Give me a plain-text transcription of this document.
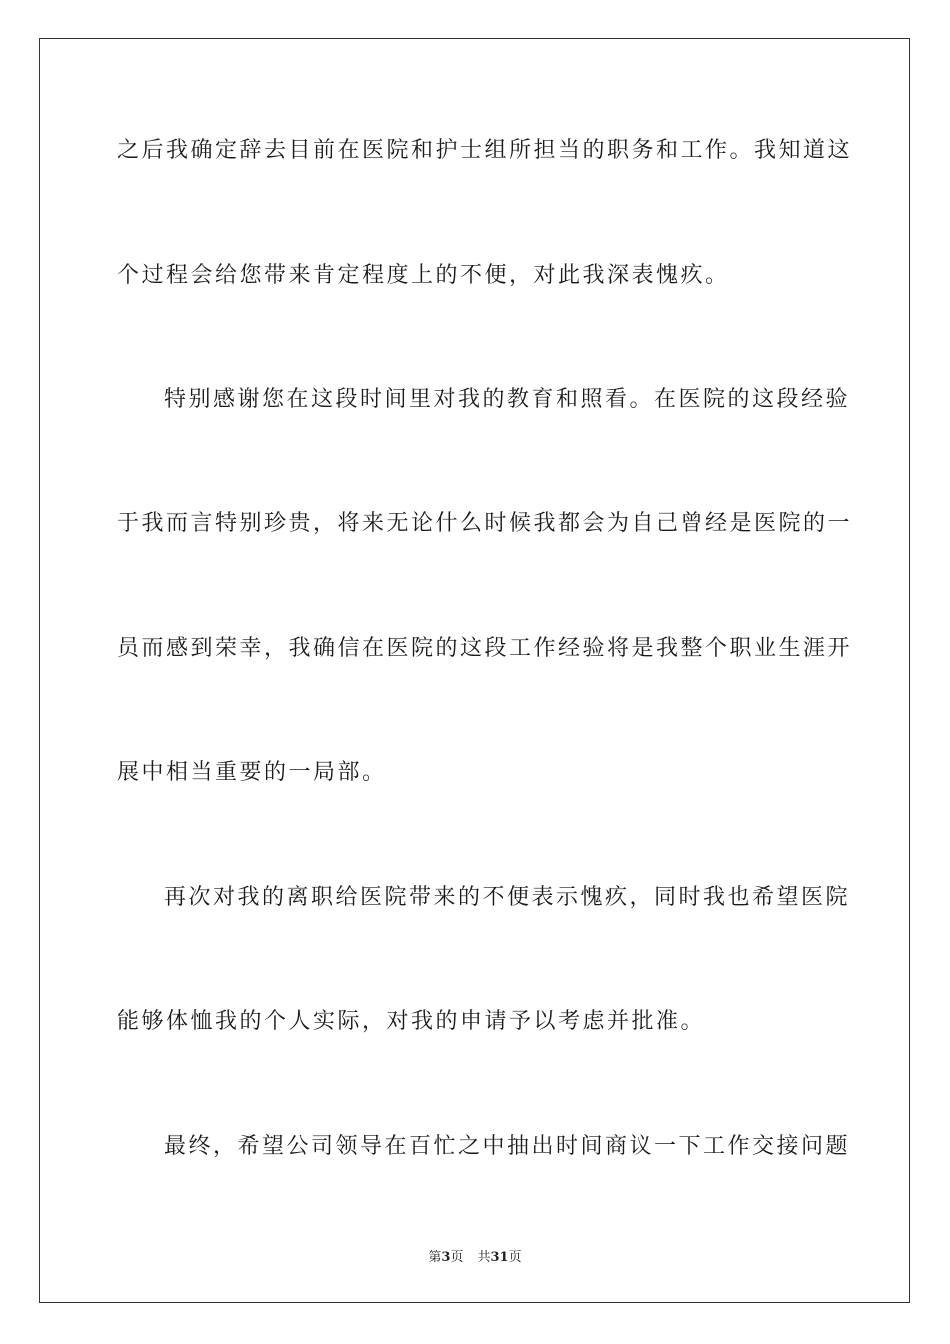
之后我确定辞去目前在医院和护士组所担当的职务和工作。我知道这
个过程会给您带来肯定程度上的不便，对此我深表愧疚。
特别感谢您在这段时间里对我的教育和照看。在医院的这段经验
于我而言特别珍贵，将来无论什么时候我都会为自己曾经是医院的一
员而感到荣幸，我确信在医院的这段工作经验将是我整个职业生涯开
展中相当重要的一局部。
再次对我的离职给医院带来的不便表示愧疚，同时我也希望医院
能够体恤我的个人实际，对我的申请予以考虑并批准。
最终，希望公司领导在百忙之中抽出时间商议一下工作交接问题
第3页 共31页
